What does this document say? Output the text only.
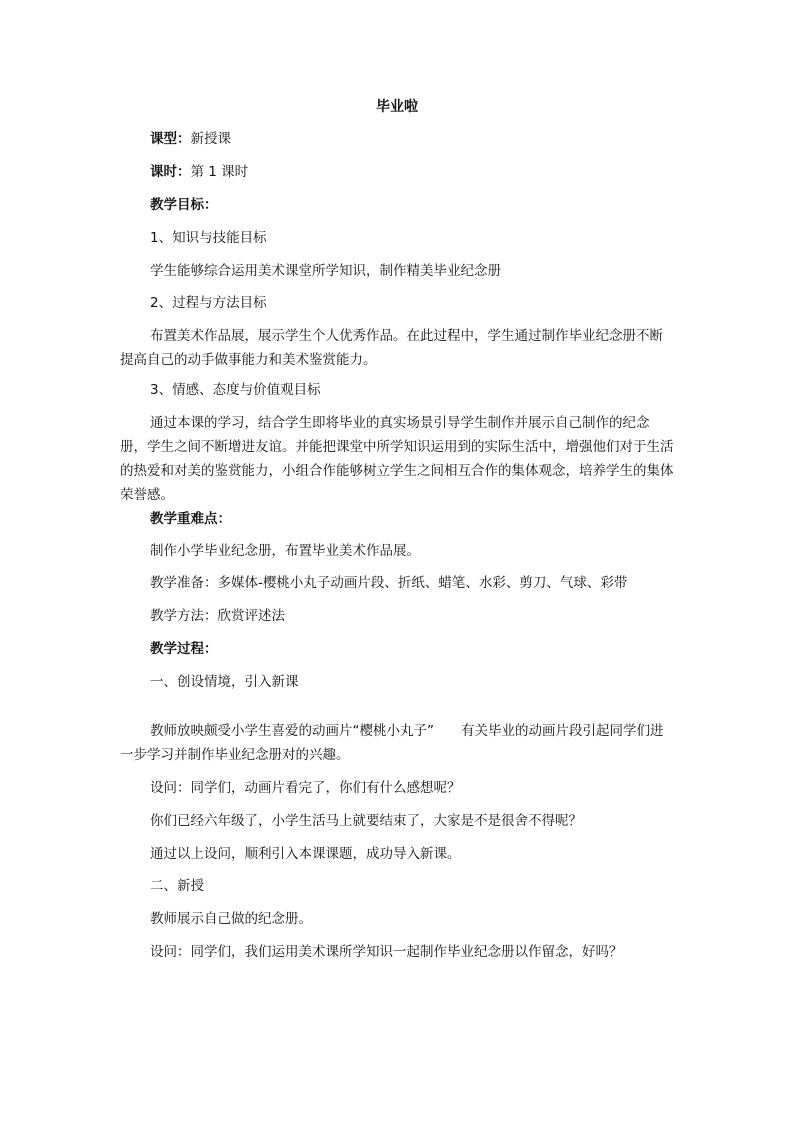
毕业啦
课型：新授课
课时：第 1 课时
教学目标：
1、知识与技能目标
学生能够综合运用美术课堂所学知识，制作精美毕业纪念册
2、过程与方法目标
布置美术作品展，展示学生个人优秀作品。在此过程中，学生通过制作毕业纪念册不断提高自己的动手做事能力和美术鉴赏能力。
3、情感、态度与价值观目标
通过本课的学习，结合学生即将毕业的真实场景引导学生制作并展示自己制作的纪念册，学生之间不断增进友谊。并能把课堂中所学知识运用到的实际生活中，增强他们对于生活的热爱和对美的鉴赏能力，小组合作能够树立学生之间相互合作的集体观念，培养学生的集体荣誉感。
教学重难点：
制作小学毕业纪念册，布置毕业美术作品展。
教学准备：多媒体-樱桃小丸子动画片段、折纸、蜡笔、水彩、剪刀、气球、彩带
教学方法：欣赏评述法
教学过程：
一、创设情境，引入新课
教师放映颇受小学生喜爱的动画片“樱桃小丸子”　　有关毕业的动画片段引起同学们进一步学习并制作毕业纪念册对的兴趣。
设问：同学们，动画片看完了，你们有什么感想呢？
你们已经六年级了，小学生活马上就要结束了，大家是不是很舍不得呢？
通过以上设问，顺利引入本课课题，成功导入新课。
二、新授
教师展示自己做的纪念册。
设问：同学们，我们运用美术课所学知识一起制作毕业纪念册以作留念，好吗？
